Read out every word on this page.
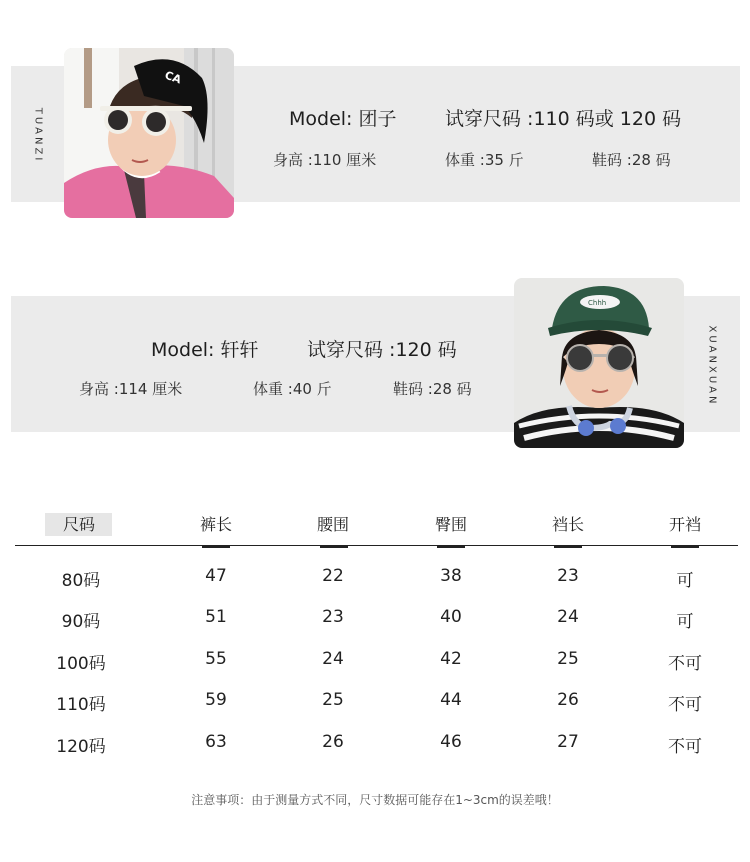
TUANZI
CA
Model: 团子	试穿尺码 :110 码或 120 码
身高 :110 厘米	体重 :35 斤	鞋码 :28 码
XUANXUAN
Chhh
Model: 轩轩	试穿尺码 :120 码
身高 :114 厘米	体重 :40 斤	鞋码 :28 码
尺码	裤长	腰围	臀围	裆长	开裆
80码	47	22	38	23	可
90码	51	23	40	24	可
100码	55	24	42	25	不可
110码	59	25	44	26	不可
120码	63	26	46	27	不可
注意事项：由于测量方式不同，尺寸数据可能存在1~3cm的误差哦！
